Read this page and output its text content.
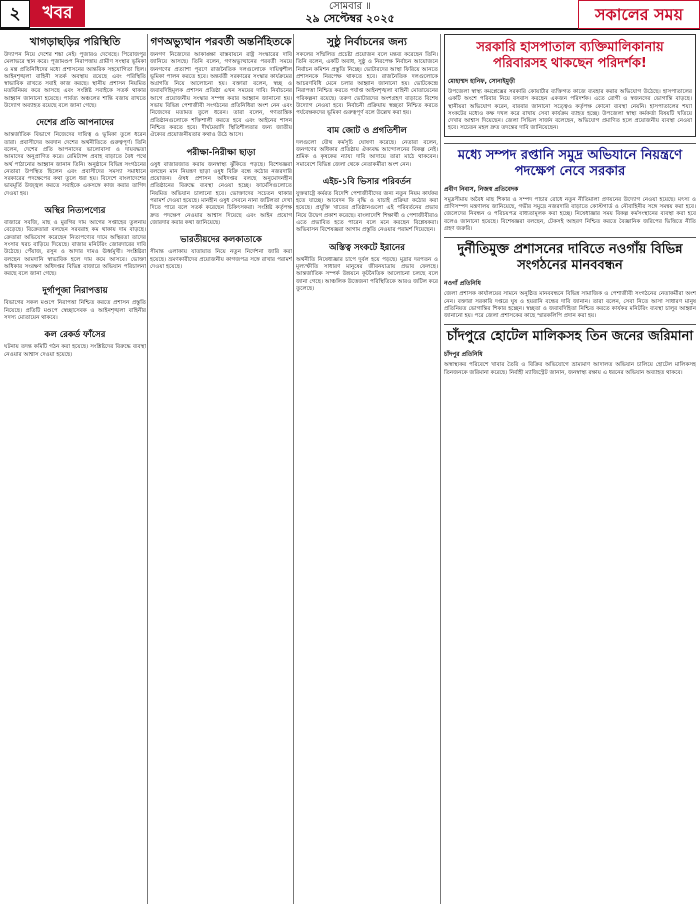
২	খবর	সোমবার ॥
২৯ সেপ্টেম্বর ২০২৫	সকালের সময়
খাগড়াছড়ির পরিস্থিতি

উদ্যাপন নিয়ে দেশের শঙ্কা নেই। পুজারও দেখেছে। পিরোজপুর মেলাভরে স্থান করে। পূজামণ্ডপ নিরাপত্তায় গ্রামীণ সংস্থার ভূমিকা ও মন্ত্র প্রতিনিধিদের মধ্যে প্রশাসনের আন্তরিক সহযোগিতা ছিল। আইনশৃঙ্খলা বাহিনী সতর্ক অবস্থায় রয়েছে এবং পরিস্থিতি স্বাভাবিক রাখতে সবাই কাজ করছে। স্থানীয় প্রশাসন নিয়মিত মতবিনিময় করে আসছে এবং সংশ্লিষ্ট সবাইকে সতর্ক থাকার আহ্বান জানানো হয়েছে। পার্বত্য অঞ্চলের শান্তি বজায় রাখতে উদ্যোগ অব্যাহত রয়েছে বলে জানা গেছে।

দেশের প্রতি আপনাদের

আন্তর্জাতিক বিভাগে নিজেদের দায়িত্ব ও ভূমিকা তুলে ধরেন তারা। প্রবাসীদের অবদান দেশের অর্থনীতিতে গুরুত্বপূর্ণ। তিনি বলেন, দেশের প্রতি আপনাদের ভালোবাসা ও দায়বদ্ধতা আমাদের অনুপ্রাণিত করে। রেমিট্যান্স প্রবাহ বাড়াতে বৈধ পথে অর্থ পাঠানোর আহ্বান জানান তিনি। অনুষ্ঠানে বিভিন্ন সংগঠনের নেতারা উপস্থিত ছিলেন এবং প্রবাসীদের সমস্যা সমাধানে সরকারের পদক্ষেপের কথা তুলে ধরা হয়। বিদেশে বাংলাদেশের ভাবমূর্তি উজ্জ্বল করতে সবাইকে একসঙ্গে কাজ করার তাগিদ দেওয়া হয়।

অস্থির নিত্যপণ্যের

বাজারে সবজি, মাছ ও মুরগির দাম আগের সপ্তাহের তুলনায় বেড়েছে। বিক্রেতারা বলছেন সরবরাহ কম থাকায় দাম বাড়ছে। ক্রেতারা অভিযোগ করেছেন নিত্যপণ্যের দামে অস্থিরতা তাদের সংসার খরচ বাড়িয়ে দিয়েছে। বাজার মনিটরিং জোরদারের দাবি উঠেছে। পেঁয়াজ, রসুন ও আদার দামও ঊর্ধ্বমুখী। সংশ্লিষ্টরা বলছেন আমদানি স্বাভাবিক হলে দাম কমে আসবে। ভোক্তা অধিকার সংরক্ষণ অধিদপ্তর বিভিন্ন বাজারে অভিযান পরিচালনা করছে বলে জানা গেছে।

দুর্গাপূজা নিরাপত্তায়

বিভাগের সকল মণ্ডপে নিরাপত্তা নিশ্চিত করতে প্রশাসন প্রস্তুতি নিয়েছে। প্রতিটি মণ্ডপে স্বেচ্ছাসেবক ও আইনশৃঙ্খলা বাহিনীর সদস্য মোতায়েন থাকবে।

কল রেকর্ড ফাঁসের

ঘটনায় তদন্ত কমিটি গঠন করা হয়েছে। সংশ্লিষ্টদের বিরুদ্ধে ব্যবস্থা নেওয়ার আশ্বাস দেওয়া হয়েছে।

গণঅভ্যুত্থান পরবর্তী অন্তর্নিহিতকে

জনগণ নিজেদের আকাঙ্ক্ষা বাস্তবায়নে রাষ্ট্র সংস্কারের দাবি জানিয়ে আসছে। তিনি বলেন, গণঅভ্যুত্থানের পরবর্তী সময়ে জনগণের প্রত্যাশা পূরণে রাজনৈতিক দলগুলোকে দায়িত্বশীল ভূমিকা পালন করতে হবে। অন্তর্বর্তী সরকারের সংস্কার কার্যক্রমের অগ্রগতি নিয়ে আলোচনা হয়। বক্তারা বলেন, স্বচ্ছ ও জবাবদিহিমূলক প্রশাসন প্রতিষ্ঠা এখন সময়ের দাবি। নির্বাচনের আগে প্রয়োজনীয় সংস্কার সম্পন্ন করার আহ্বান জানানো হয়। সভায় বিভিন্ন পেশাজীবী সংগঠনের প্রতিনিধিরা অংশ নেন এবং নিজেদের মতামত তুলে ধরেন। তারা বলেন, গণতান্ত্রিক প্রতিষ্ঠানগুলোকে শক্তিশালী করতে হবে এবং আইনের শাসন নিশ্চিত করতে হবে। দীর্ঘমেয়াদি স্থিতিশীলতার জন্য জাতীয় ঐক্যের প্রয়োজনীয়তার কথাও উঠে আসে।

পরীক্ষা-নিরীক্ষা ছাড়া

ওষুধ বাজারজাত করায় জনস্বাস্থ্য ঝুঁকিতে পড়ছে। বিশেষজ্ঞরা বলছেন মান নিয়ন্ত্রণ ছাড়া ওষুধ বিক্রি বন্ধে কঠোর নজরদারি প্রয়োজন। ঔষধ প্রশাসন অধিদপ্তর বলছে অনুমোদনহীন প্রতিষ্ঠানের বিরুদ্ধে ব্যবস্থা নেওয়া হচ্ছে। ফার্মেসিগুলোতে নিয়মিত অভিযান চালানো হবে। ভোক্তাদের সচেতন থাকার পরামর্শ দেওয়া হয়েছে। মানহীন ওষুধ সেবনে নানা জটিলতা দেখা দিতে পারে বলে সতর্ক করেছেন চিকিৎসকরা। সংশ্লিষ্ট কর্তৃপক্ষ দ্রুত পদক্ষেপ নেওয়ার আশ্বাস দিয়েছে এবং আইন প্রয়োগ জোরদার করার কথা জানিয়েছে।

ভারতীয়দের কলকাতাকে

সীমান্ত এলাকায় যাতায়াত নিয়ে নতুন নির্দেশনা জারি করা হয়েছে। ভ্রমণকারীদের প্রয়োজনীয় কাগজপত্র সঙ্গে রাখার পরামর্শ দেওয়া হয়েছে।

সুষ্ঠু নির্বাচনের জন্য

সকলের সম্মিলিত প্রচেষ্টা প্রয়োজন বলে মন্তব্য করেছেন তিনি। তিনি বলেন, একটি অবাধ, সুষ্ঠু ও নিরপেক্ষ নির্বাচন আয়োজনে নির্বাচন কমিশন প্রস্তুতি নিচ্ছে। ভোটারদের আস্থা ফিরিয়ে আনতে প্রশাসনকে নিরপেক্ষ থাকতে হবে। রাজনৈতিক দলগুলোকে আচরণবিধি মেনে চলার আহ্বান জানানো হয়। ভোটকেন্দ্রে নিরাপত্তা নিশ্চিত করতে পর্যাপ্ত আইনশৃঙ্খলা বাহিনী মোতায়েনের পরিকল্পনা রয়েছে। তরুণ ভোটারদের অংশগ্রহণ বাড়াতে বিশেষ উদ্যোগ নেওয়া হবে। নির্বাচনী প্রক্রিয়ায় স্বচ্ছতা নিশ্চিত করতে পর্যবেক্ষকদের ভূমিকা গুরুত্বপূর্ণ বলে উল্লেখ করা হয়।

বাম জোট ও প্রগতিশীল

দলগুলো যৌথ কর্মসূচি ঘোষণা করেছে। নেতারা বলেন, জনগণের অধিকার প্রতিষ্ঠায় ঐক্যবদ্ধ আন্দোলনের বিকল্প নেই। শ্রমিক ও কৃষকের ন্যায্য দাবি আদায়ে তারা মাঠে থাকবেন। সমাবেশে বিভিন্ন জেলা থেকে নেতাকর্মীরা অংশ নেন।

এইচ-১বি ভিসার পরিবর্তন

যুক্তরাষ্ট্রে কর্মরত বিদেশি পেশাজীবীদের জন্য নতুন নিয়ম কার্যকর হতে যাচ্ছে। আবেদন ফি বৃদ্ধি ও যাচাই প্রক্রিয়া কঠোর করা হয়েছে। প্রযুক্তি খাতের প্রতিষ্ঠানগুলো এই পরিবর্তনের প্রভাব নিয়ে উদ্বেগ প্রকাশ করেছে। বাংলাদেশি শিক্ষার্থী ও পেশাজীবীরাও এতে প্রভাবিত হতে পারেন বলে মনে করছেন বিশ্লেষকরা। অভিবাসন বিশেষজ্ঞরা আগাম প্রস্তুতি নেওয়ার পরামর্শ দিয়েছেন।

অস্তিত্ব সংকটে ইরানের

অর্থনীতি নিষেধাজ্ঞার চাপে দুর্বল হয়ে পড়ছে। মুদ্রার দরপতন ও মূল্যস্ফীতি সাধারণ মানুষের জীবনযাত্রায় প্রভাব ফেলছে। আন্তর্জাতিক সম্পর্ক উন্নয়নে কূটনৈতিক আলোচনা চলছে বলে জানা গেছে। আঞ্চলিক উত্তেজনা পরিস্থিতিকে আরও জটিল করে তুলেছে।

সরকারি হাসপাতাল ব্যক্তিমালিকানায় পরিবারসহ থাকছেন পরিদর্শক!
মোহাম্মদ হানিফ, সোনাইমুড়ী

উপজেলা স্বাস্থ্য কমপ্লেক্সের সরকারি কোয়ার্টার ব্যক্তিগত কাজে ব্যবহার করার অভিযোগ উঠেছে। হাসপাতালের একটি অংশে পরিবার নিয়ে বসবাস করছেন একজন পরিদর্শক। এতে রোগী ও স্বজনদের ভোগান্তি বাড়ছে। স্থানীয়রা অভিযোগ করেন, বারবার জানানো সত্ত্বেও কর্তৃপক্ষ কোনো ব্যবস্থা নেয়নি। হাসপাতালের শয্যা সংকটের মধ্যেও কক্ষ দখল করে রাখায় সেবা কার্যক্রম ব্যাহত হচ্ছে। উপজেলা স্বাস্থ্য কর্মকর্তা বিষয়টি খতিয়ে দেখার আশ্বাস দিয়েছেন। জেলা সিভিল সার্জন বলেছেন, অভিযোগ প্রমাণিত হলে প্রয়োজনীয় ব্যবস্থা নেওয়া হবে। সচেতন মহল দ্রুত তদন্তের দাবি জানিয়েছেন।

মধ্যে সম্পদ রপ্তানি সমুদ্র অভিযানে নিয়ন্ত্রণে পদক্ষেপ নেবে সরকার
প্রবীণ নিবাস, নিজস্ব প্রতিবেদক

সমুদ্রসীমায় অবৈধ মাছ শিকার ও সম্পদ পাচার রোধে নতুন নীতিমালা প্রণয়নের উদ্যোগ নেওয়া হয়েছে। মৎস্য ও প্রাণিসম্পদ মন্ত্রণালয় জানিয়েছে, গভীর সমুদ্রে নজরদারি বাড়াতে কোস্টগার্ড ও নৌবাহিনীর সঙ্গে সমন্বয় করা হবে। জেলেদের নিবন্ধন ও পরিচয়পত্র বাধ্যতামূলক করা হচ্ছে। নিষেধাজ্ঞার সময় বিকল্প কর্মসংস্থানের ব্যবস্থা করা হবে বলেও জানানো হয়েছে। বিশেষজ্ঞরা বলছেন, টেকসই আহরণ নিশ্চিত করতে বৈজ্ঞানিক জরিপের ভিত্তিতে নীতি গ্রহণ জরুরি।

দুর্নীতিমুক্ত প্রশাসনের দাবিতে নওগাঁয় বিভিন্ন সংগঠনের মানববন্ধন
নওগাঁ প্রতিনিধি

জেলা প্রশাসক কার্যালয়ের সামনে অনুষ্ঠিত মানববন্ধনে বিভিন্ন সামাজিক ও পেশাজীবী সংগঠনের নেতাকর্মীরা অংশ নেন। বক্তারা সরকারি দপ্তরে ঘুষ ও হয়রানি বন্ধের দাবি জানান। তারা বলেন, সেবা নিতে আসা সাধারণ মানুষ প্রতিনিয়ত ভোগান্তির শিকার হচ্ছেন। স্বচ্ছতা ও জবাবদিহিতা নিশ্চিত করতে কার্যকর মনিটরিং ব্যবস্থা চালুর আহ্বান জানানো হয়। পরে জেলা প্রশাসকের কাছে স্মারকলিপি প্রদান করা হয়।

চাঁদপুরে হোটেল মালিকসহ তিন জনের জরিমানা
চাঁদপুর প্রতিনিধি

অস্বাস্থ্যকর পরিবেশে খাবার তৈরি ও বিক্রির অভিযোগে ভ্রাম্যমাণ আদালত অভিযান চালিয়ে হোটেল মালিকসহ তিনজনকে জরিমানা করেছে। নির্বাহী ম্যাজিস্ট্রেট জানান, জনস্বাস্থ্য রক্ষায় এ ধরনের অভিযান অব্যাহত থাকবে।
